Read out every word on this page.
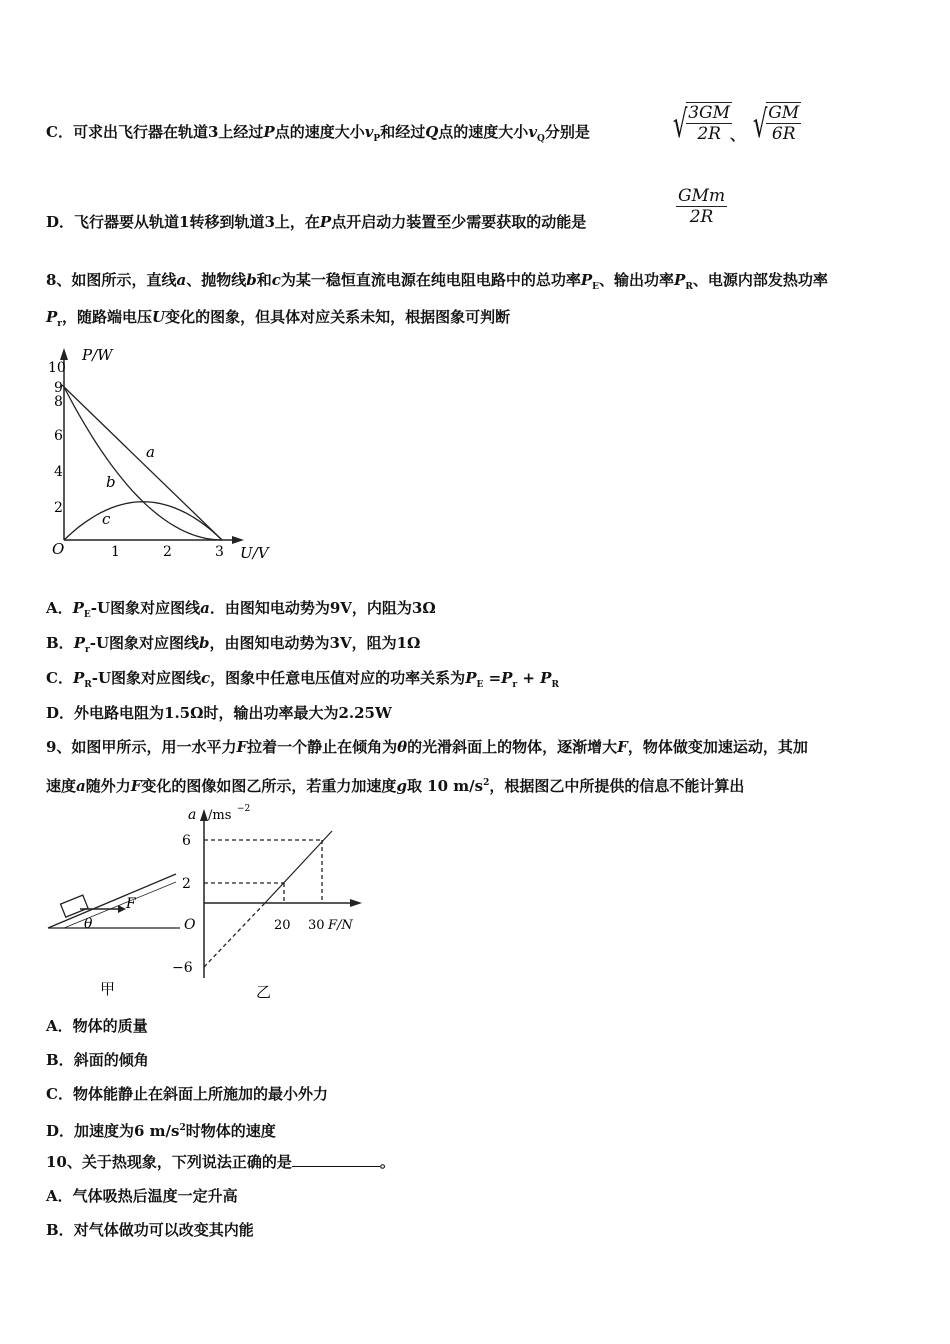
C．可求出飞行器在轨道3上经过P点的速度大小$v_P$和经过Q点的速度大小$v_Q$分别是 √
$\frac{3GM}{2R}$
、 √
$\frac{GM}{6R}$
D．飞行器要从轨道1转移到轨道3上，在P点开启动力装置至少需要获取的动能是
GMm
2R
8、如图所示，直线a、抛物线b和c为某一稳恒直流电源在纯电阻电路中的总功率$P_E$、输出功率$P_R$、电源内部发热功率
$P_r$，随路端电压U变化的图象，但具体对应关系未知，根据图象可判断
P/W
U/V
O
10
9
8
6
4
2
1	2	3
a
b
c
A．$P_E-U$图象对应图线a．由图知电动势为9V，内阻为3Ω
B．$P_r-U$图象对应图线b，由图知电动势为3V，阻为1Ω
C．$P_R-U$图象对应图线c，图象中任意电压值对应的功率关系为$P_E =P_r + P_R$
D．外电路电阻为1.5Ω时，输出功率最大为2.25W
9、如图甲所示，用一水平力F拉着一个静止在倾角为θ的光滑斜面上的物体，逐渐增大F，物体做变加速运动，其加
速度a随外力F变化的图像如图乙所示，若重力加速度g取 10 $m/s^2$，根据图乙中所提供的信息不能计算出
F
θ
甲
a /ms −2
F/N
O
6
2
−6
20 30
乙
A．物体的质量
B．斜面的倾角
C．物体能静止在斜面上所施加的最小外力
D．加速度为6 $m/s^2$时物体的速度
10、关于热现象，下列说法正确的是	。
A．气体吸热后温度一定升高
B．对气体做功可以改变其内能
